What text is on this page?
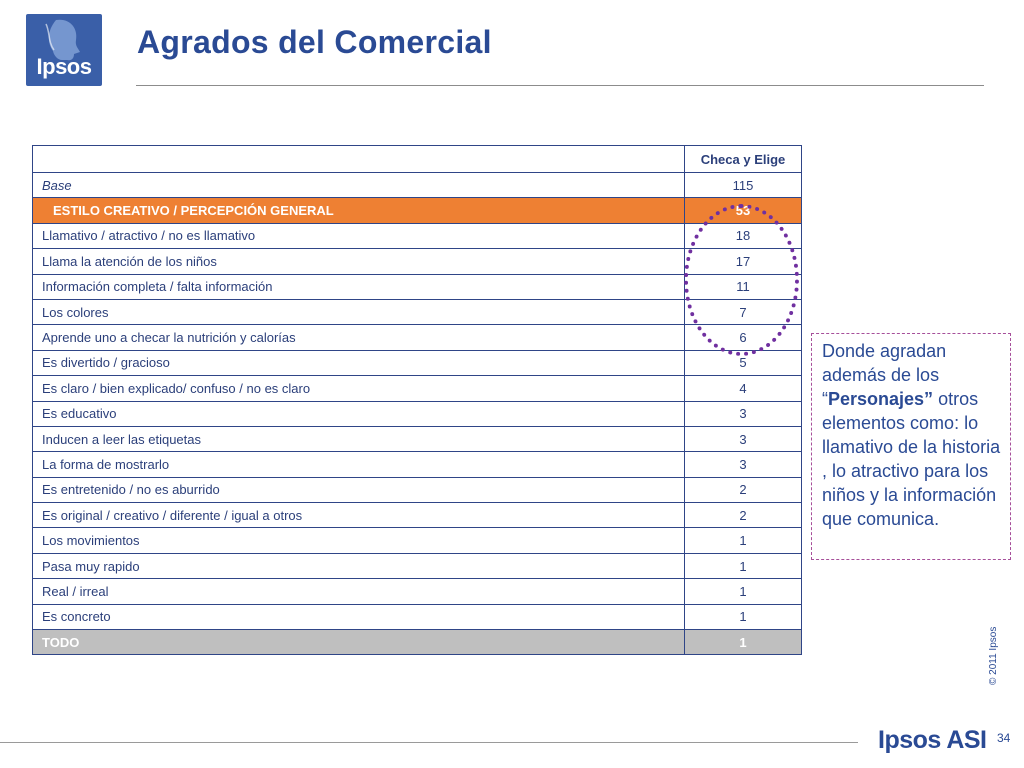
Ipsos
Agrados del Comercial
	Checa y Elige
Base	115
ESTILO CREATIVO / PERCEPCIÓN GENERAL	53
Llamativo / atractivo / no es llamativo	18
Llama la atención de los niños	17
Información completa / falta información	11
Los colores	7
Aprende uno a checar la nutrición y calorías	6
Es divertido / gracioso	5
Es claro / bien explicado/ confuso / no es claro	4
Es educativo	3
Inducen a leer las etiquetas	3
La forma de mostrarlo	3
Es entretenido / no es aburrido	2
Es original / creativo / diferente / igual a otros	2
Los movimientos	1
Pasa muy rapido	1
Real / irreal	1
Es concreto	1
TODO	1
Donde agradan además de los “Personajes” otros elementos como: lo llamativo de la historia , lo atractivo para los niños y la información que comunica.
© 2011 Ipsos
Ipsos ASI 34
